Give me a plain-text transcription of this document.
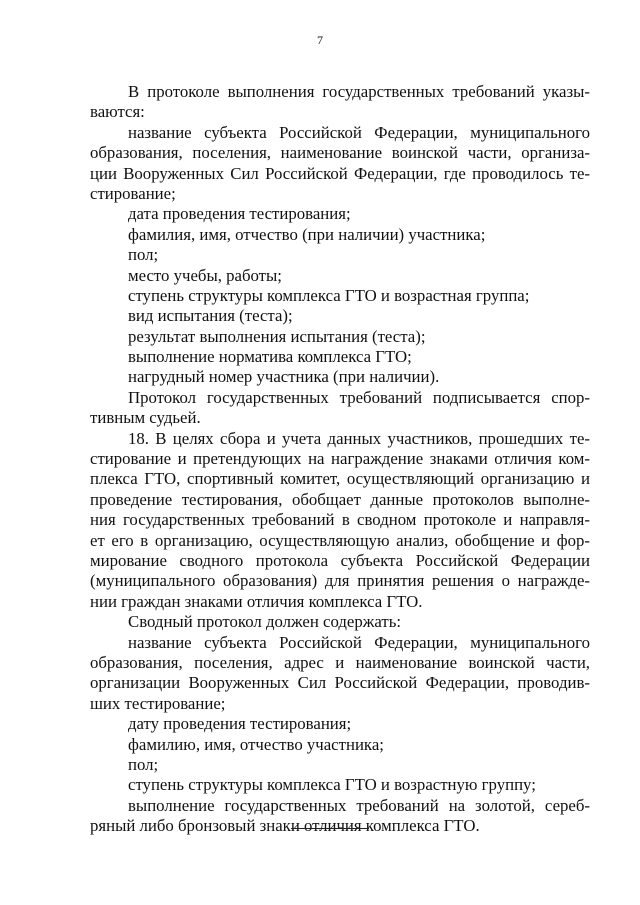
7
В протоколе выполнения государственных требований указы-
ваются:
название субъекта Российской Федерации, муниципального
образования, поселения, наименование воинской части, организа-
ции Вооруженных Сил Российской Федерации, где проводилось те-
стирование;
дата проведения тестирования;
фамилия, имя, отчество (при наличии) участника;
пол;
место учебы, работы;
ступень структуры комплекса ГТО и возрастная группа;
вид испытания (теста);
результат выполнения испытания (теста);
выполнение норматива комплекса ГТО;
нагрудный номер участника (при наличии).
Протокол государственных требований подписывается спор-
тивным судьей.
18. В целях сбора и учета данных участников, прошедших те-
стирование и претендующих на награждение знаками отличия ком-
плекса ГТО, спортивный комитет, осуществляющий организацию и
проведение тестирования, обобщает данные протоколов выполне-
ния государственных требований в сводном протоколе и направля-
ет его в организацию, осуществляющую анализ, обобщение и фор-
мирование сводного протокола субъекта Российской Федерации
(муниципального образования) для принятия решения о награжде-
нии граждан знаками отличия комплекса ГТО.
Сводный протокол должен содержать:
название субъекта Российской Федерации, муниципального
образования, поселения, адрес и наименование воинской части,
организации Вооруженных Сил Российской Федерации, проводив-
ших тестирование;
дату проведения тестирования;
фамилию, имя, отчество участника;
пол;
ступень структуры комплекса ГТО и возрастную группу;
выполнение государственных требований на золотой, сереб-
ряный либо бронзовый знаки отличия комплекса ГТО.
